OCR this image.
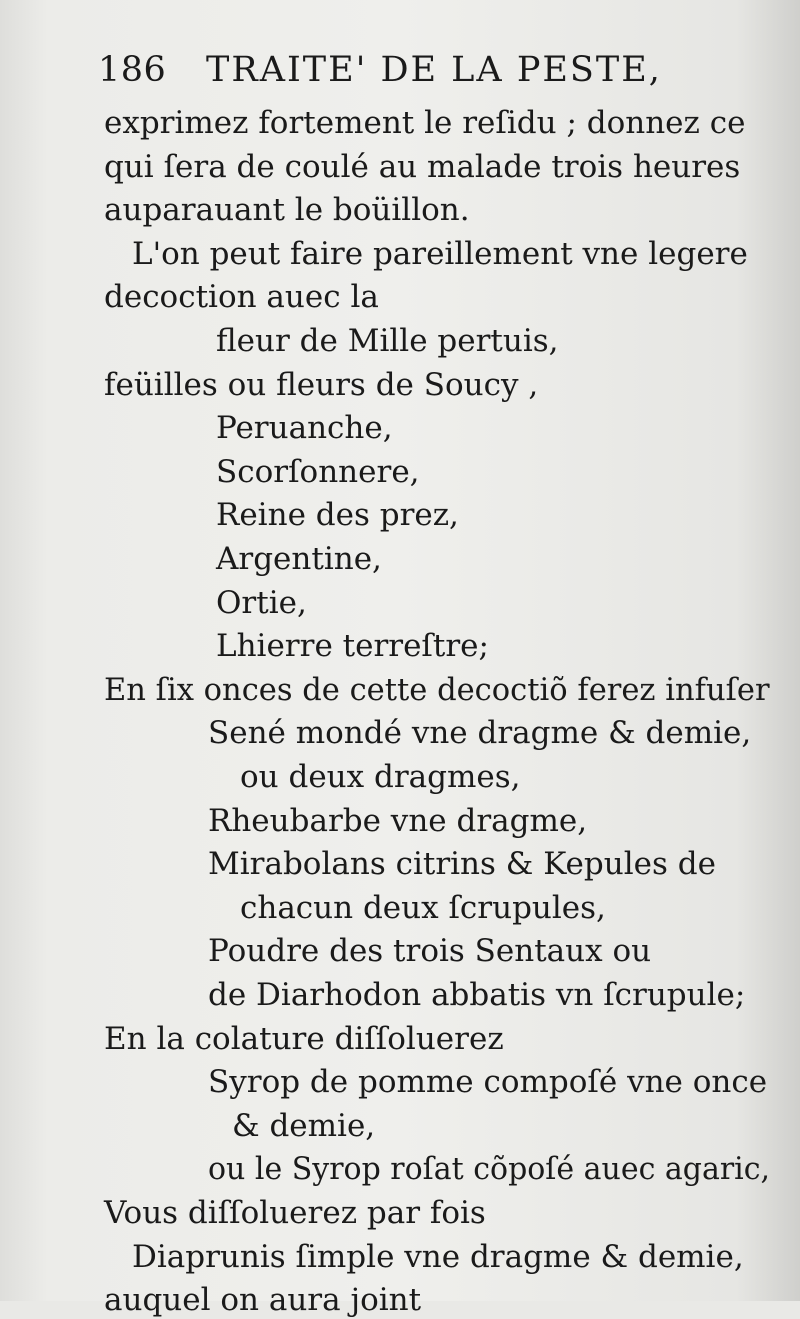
186 TRAITE' DE LA PESTE,
exprimez fortement le reſidu ; donnez ce
qui ſera de coulé au malade trois heures
auparauant le boüillon.
L'on peut faire pareillement vne legere
decoction auec la
fleur de Mille pertuis,
feüilles ou fleurs de Soucy ,
Peruanche,
Scorſonnere,
Reine des prez,
Argentine,
Ortie,
Lhierre terreſtre;
En ſix onces de cette decoctiõ ferez infuſer
Sené mondé vne dragme & demie,
ou deux dragmes,
Rheubarbe vne dragme,
Mirabolans citrins & Kepules de
chacun deux ſcrupules,
Poudre des trois Sentaux ou
de Diarhodon abbatis vn ſcrupule;
En la colature diſſoluerez
Syrop de pomme compoſé vne once
& demie,
ou le Syrop roſat cõpoſé auec agaric,
Vous diſſoluerez par fois
Diaprunis ſimple vne dragme & demie,
auquel on aura joint
